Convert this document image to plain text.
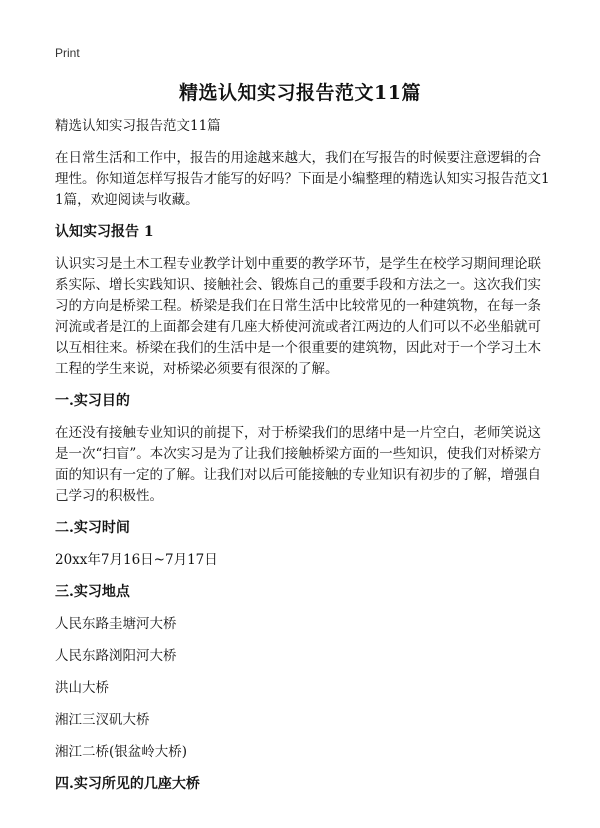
Print
精选认知实习报告范文11篇
精选认知实习报告范文11篇
在日常生活和工作中，报告的用途越来越大，我们在写报告的时候要注意逻辑的合理性。你知道怎样写报告才能写的好吗？下面是小编整理的精选认知实习报告范文11篇，欢迎阅读与收藏。
认知实习报告 1
认识实习是土木工程专业教学计划中重要的教学环节，是学生在校学习期间理论联系实际、增长实践知识、接触社会、锻炼自己的重要手段和方法之一。这次我们实习的方向是桥梁工程。桥梁是我们在日常生活中比较常见的一种建筑物，在每一条河流或者是江的上面都会建有几座大桥使河流或者江两边的人们可以不必坐船就可以互相往来。桥梁在我们的生活中是一个很重要的建筑物，因此对于一个学习土木工程的学生来说，对桥梁必须要有很深的了解。
一.实习目的
在还没有接触专业知识的前提下，对于桥梁我们的思绪中是一片空白，老师笑说这是一次“扫盲”。本次实习是为了让我们接触桥梁方面的一些知识，使我们对桥梁方面的知识有一定的了解。让我们对以后可能接触的专业知识有初步的了解，增强自己学习的积极性。
二.实习时间
20xx年7月16日~7月17日
三.实习地点
人民东路圭塘河大桥
人民东路浏阳河大桥
洪山大桥
湘江三汊矶大桥
湘江二桥(银盆岭大桥)
四.实习所见的几座大桥
